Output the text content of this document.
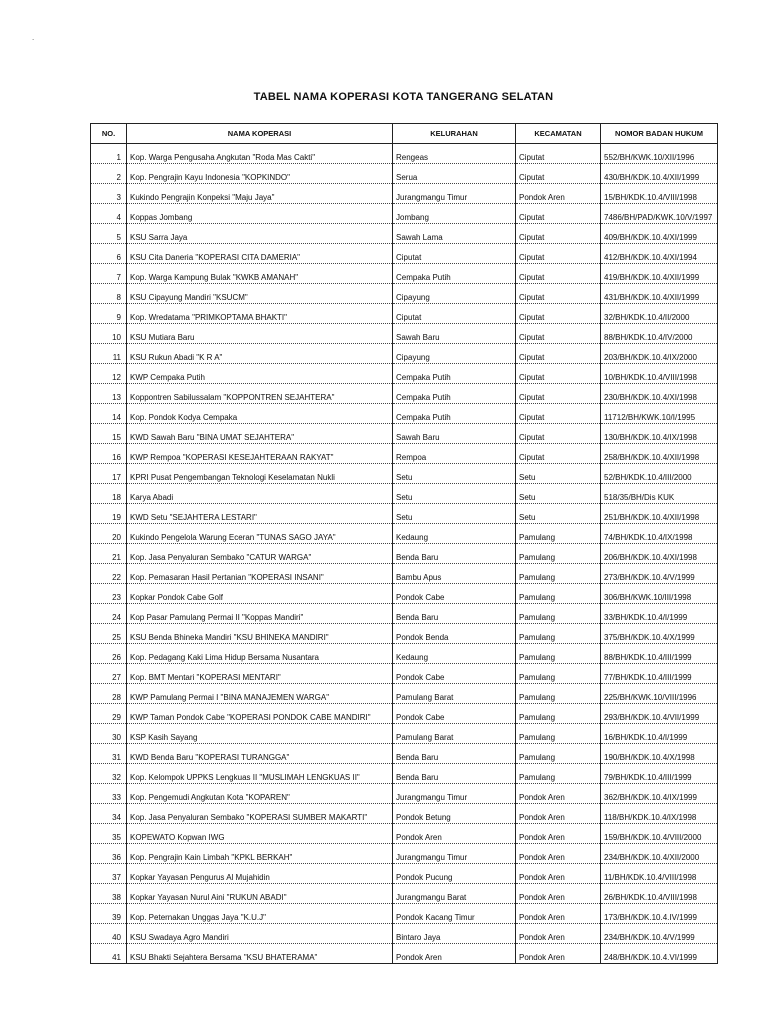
.
TABEL NAMA KOPERASI KOTA TANGERANG SELATAN
NO.	NAMA KOPERASI	KELURAHAN	KECAMATAN	NOMOR BADAN HUKUM
1	Kop. Warga Pengusaha Angkutan "Roda Mas Cakti"	Rengeas	Ciputat	552/BH/KWK.10/XII/1996
2	Kop. Pengrajin Kayu Indonesia "KOPKINDO"	Serua	Ciputat	430/BH/KDK.10.4/XII/1999
3	Kukindo Pengrajin Konpeksi "Maju Jaya"	Jurangmangu Timur	Pondok Aren	15/BH/KDK.10.4/VIII/1998
4	Koppas Jombang	Jombang	Ciputat	7486/BH/PAD/KWK.10/V/1997
5	KSU Sarra Jaya	Sawah Lama	Ciputat	409/BH/KDK.10.4/XI/1999
6	KSU Cita Daneria "KOPERASI CITA DAMERIA"	Ciputat	Ciputat	412/BH/KDK.10.4/XI/1994
7	Kop. Warga Kampung Bulak "KWKB AMANAH"	Cempaka Putih	Ciputat	419/BH/KDK.10.4/XII/1999
8	KSU Cipayung Mandiri "KSUCM"	Cipayung	Ciputat	431/BH/KDK.10.4/XII/1999
9	Kop. Wredatama "PRIMKOPTAMA BHAKTI"	Ciputat	Ciputat	32/BH/KDK.10.4/II/2000
10	KSU Mutiara Baru	Sawah Baru	Ciputat	88/BH/KDK.10.4/IV/2000
11	KSU Rukun Abadi "K R A"	Cipayung	Ciputat	203/BH/KDK.10.4/IX/2000
12	KWP Cempaka Putih	Cempaka Putih	Ciputat	10/BH/KDK.10.4/VIII/1998
13	Koppontren Sabilussalam "KOPPONTREN SEJAHTERA"	Cempaka Putih	Ciputat	230/BH/KDK.10.4/XI/1998
14	Kop. Pondok Kodya Cempaka	Cempaka Putih	Ciputat	11712/BH/KWK.10/I/1995
15	KWD Sawah Baru "BINA UMAT SEJAHTERA"	Sawah Baru	Ciputat	130/BH/KDK.10.4/IX/1998
16	KWP Rempoa "KOPERASI KESEJAHTERAAN RAKYAT"	Rempoa	Ciputat	258/BH/KDK.10.4/XII/1998
17	KPRI Pusat Pengembangan Teknologi Keselamatan Nukli	Setu	Setu	52/BH/KDK.10.4/III/2000
18	Karya Abadi	Setu	Setu	518/35/BH/Dis KUK
19	KWD Setu "SEJAHTERA LESTARI"	Setu	Setu	251/BH/KDK.10.4/XII/1998
20	Kukindo Pengelola Warung Eceran "TUNAS SAGO JAYA"	Kedaung	Pamulang	74/BH/KDK.10.4/IX/1998
21	Kop. Jasa Penyaluran Sembako "CATUR WARGA"	Benda Baru	Pamulang	206/BH/KDK.10.4/XI/1998
22	Kop. Pemasaran Hasil Pertanian "KOPERASI INSANI"	Bambu Apus	Pamulang	273/BH/KDK.10.4/V/1999
23	Kopkar Pondok Cabe Golf	Pondok Cabe	Pamulang	306/BH/KWK.10/III/1998
24	Kop Pasar Pamulang Permai II "Koppas Mandiri"	Benda Baru	Pamulang	33/BH/KDK.10.4/I/1999
25	KSU Benda Bhineka Mandiri "KSU BHINEKA MANDIRI"	Pondok Benda	Pamulang	375/BH/KDK.10.4/X/1999
26	Kop. Pedagang Kaki Lima Hidup Bersama Nusantara	Kedaung	Pamulang	88/BH/KDK.10.4/III/1999
27	Kop. BMT Mentari "KOPERASI MENTARI"	Pondok Cabe	Pamulang	77/BH/KDK.10.4/III/1999
28	KWP Pamulang Permai I "BINA MANAJEMEN WARGA"	Pamulang Barat	Pamulang	225/BH/KWK.10/VIII/1996
29	KWP Taman Pondok Cabe "KOPERASI PONDOK CABE MANDIRI"	Pondok Cabe	Pamulang	293/BH/KDK.10.4/VII/1999
30	KSP Kasih Sayang	Pamulang Barat	Pamulang	16/BH/KDK.10.4/I/1999
31	KWD Benda Baru "KOPERASI TURANGGA"	Benda Baru	Pamulang	190/BH/KDK.10.4/X/1998
32	Kop. Kelompok UPPKS Lengkuas II "MUSLIMAH LENGKUAS II"	Benda Baru	Pamulang	79/BH/KDK.10.4/III/1999
33	Kop. Pengemudi Angkutan Kota "KOPAREN"	Jurangmangu Timur	Pondok Aren	362/BH/KDK.10.4/IX/1999
34	Kop. Jasa Penyaluran Sembako "KOPERASI SUMBER MAKARTI"	Pondok Betung	Pondok Aren	118/BH/KDK.10.4/IX/1998
35	KOPEWATO Kopwan IWG	Pondok Aren	Pondok Aren	159/BH/KDK.10.4/VIII/2000
36	Kop. Pengrajin Kain Limbah "KPKL BERKAH"	Jurangmangu Timur	Pondok Aren	234/BH/KDK.10.4/XII/2000
37	Kopkar Yayasan Pengurus Al Mujahidin	Pondok Pucung	Pondok Aren	11/BH/KDK.10.4/VIII/1998
38	Kopkar Yayasan Nurul Aini "RUKUN ABADI"	Jurangmangu Barat	Pondok Aren	26/BH/KDK.10.4/VIII/1998
39	Kop. Peternakan Unggas Jaya "K.U.J"	Pondok Kacang Timur	Pondok Aren	173/BH/KDK.10.4.IV/1999
40	KSU Swadaya Agro Mandiri	Bintaro Jaya	Pondok Aren	234/BH/KDK.10.4/V/1999
41	KSU Bhakti Sejahtera Bersama "KSU BHATERAMA"	Pondok Aren	Pondok Aren	248/BH/KDK.10.4.VI/1999
